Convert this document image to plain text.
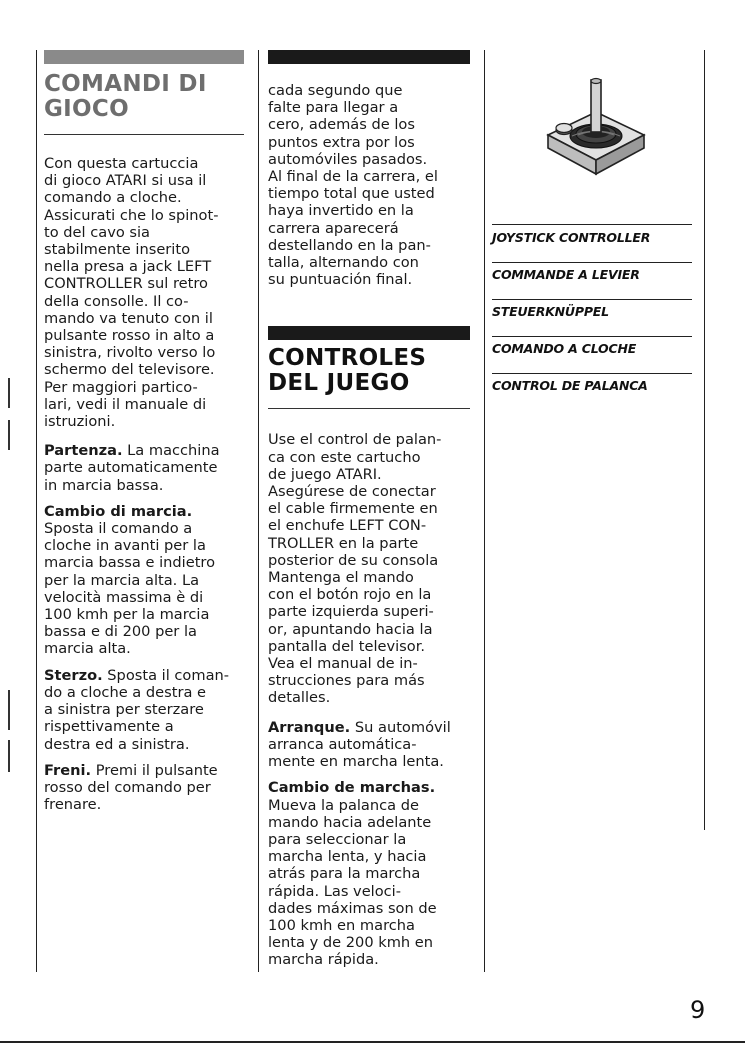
COMANDI DI
GIOCO

Con questa cartuccia

di gioco ATARI si usa il

comando a cloche.

Assicurati che lo spinot-

to del cavo sia

stabilmente inserito

nella presa a jack LEFT

CONTROLLER sul retro

della consolle. Il co-

mando va tenuto con il

pulsante rosso in alto a

sinistra, rivolto verso lo

schermo del televisore.

Per maggiori partico-

lari, vedi il manuale di

istruzioni.

Partenza. La macchina

parte automaticamente

in marcia bassa.

Cambio di marcia.

Sposta il comando a

cloche in avanti per la

marcia bassa e indietro

per la marcia alta. La

velocità massima è di

100 kmh per la marcia

bassa e di 200 per la

marcia alta.

Sterzo. Sposta il coman-

do a cloche a destra e

a sinistra per sterzare

rispettivamente a

destra ed a sinistra.

Freni. Premi il pulsante

rosso del comando per

frenare.

cada segundo que

falte para llegar a

cero, además de los

puntos extra por los

automóviles pasados.

Al final de la carrera, el

tiempo total que usted

haya invertido en la

carrera aparecerá

destellando en la pan-

talla, alternando con

su puntuación final.

CONTROLES
DEL JUEGO

Use el control de palan-

ca con este cartucho

de juego ATARI.

Asegúrese de conectar

el cable firmemente en

el enchufe LEFT CON-

TROLLER en la parte

posterior de su consola

Mantenga el mando

con el botón rojo en la

parte izquierda superi-

or, apuntando hacia la

pantalla del televisor.

Vea el manual de in-

strucciones para más

detalles.

Arranque. Su automóvil

arranca automática-

mente en marcha lenta.

Cambio de marchas.

Mueva la palanca de

mando hacia adelante

para seleccionar la

marcha lenta, y hacia

atrás para la marcha

rápida. Las veloci-

dades máximas son de

100 kmh en marcha

lenta y de 200 kmh en

marcha rápida.

JOYSTICK CONTROLLER
COMMANDE A LEVIER
STEUERKNÜPPEL
COMANDO A CLOCHE
CONTROL DE PALANCA
9
